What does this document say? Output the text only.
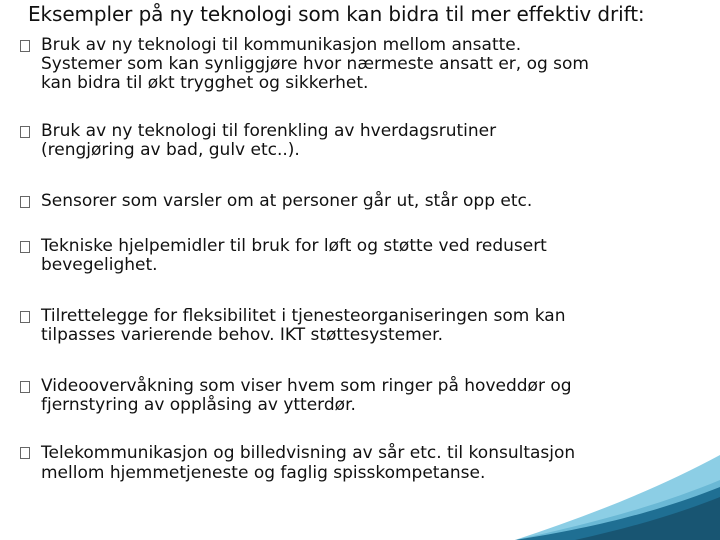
Eksempler på ny teknologi som kan bidra til mer effektiv drift:
Bruk av ny teknologi til kommunikasjon mellom ansatte.
Systemer som kan synliggjøre hvor nærmeste ansatt er, og som
kan bidra til økt trygghet og sikkerhet.
Bruk av ny teknologi til forenkling av hverdagsrutiner
(rengjøring av bad, gulv etc..).
Sensorer som varsler om at personer går ut, står opp etc.
Tekniske hjelpemidler til bruk for løft og støtte ved redusert
bevegelighet.
Tilrettelegge for fleksibilitet i tjenesteorganiseringen som kan
tilpasses varierende behov. IKT støttesystemer.
Videoovervåkning som viser hvem som ringer på hoveddør og
fjernstyring av opplåsing av ytterdør.
Telekommunikasjon og billedvisning av sår etc. til konsultasjon
mellom hjemmetjeneste og faglig spisskompetanse.
